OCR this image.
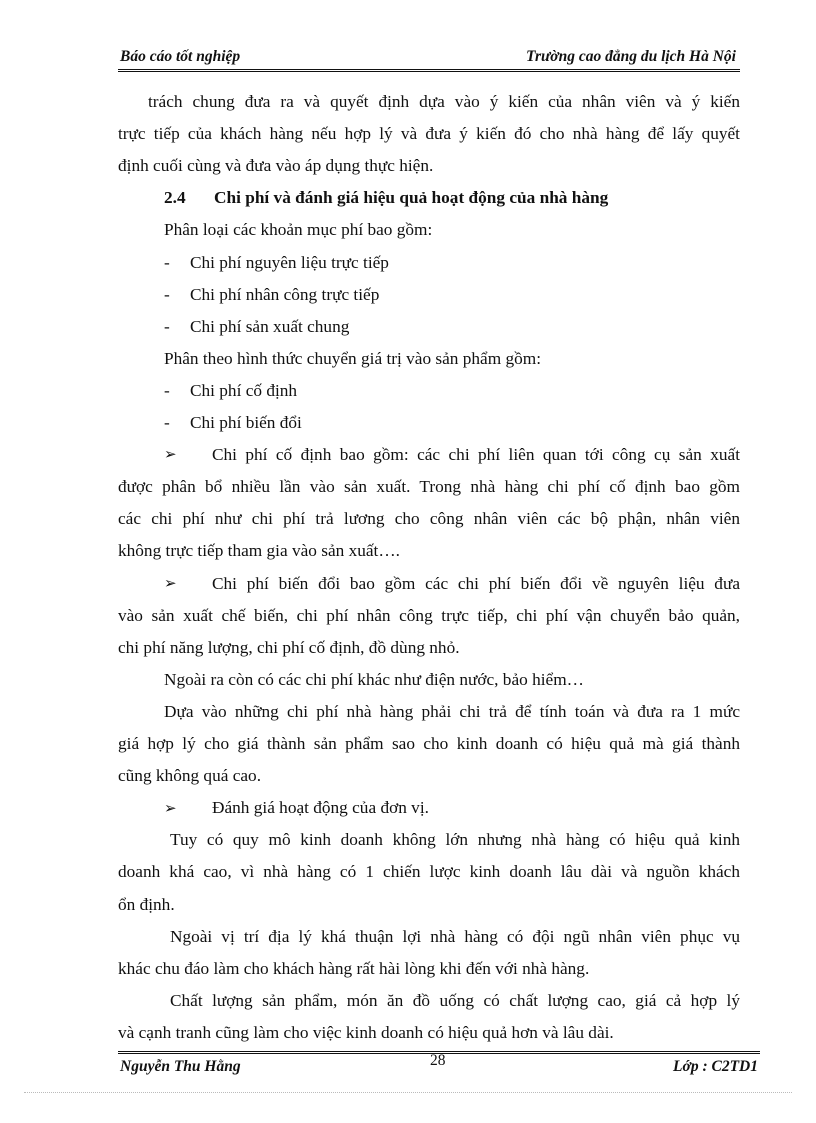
Báo cáo tốt nghiệp	Trường cao đẳng du lịch Hà Nội
trách chung đưa ra và quyết định dựa vào ý kiến của nhân viên và ý kiến
trực tiếp của khách hàng nếu hợp lý và đưa ý kiến đó cho nhà hàng để lấy quyết
định cuối cùng và đưa vào áp dụng thực hiện.
2.4 Chi phí và đánh giá hiệu quả hoạt động của nhà hàng
Phân loại các khoản mục phí bao gồm:
- Chi phí nguyên liệu trực tiếp
- Chi phí nhân công trực tiếp
- Chi phí sản xuất chung
Phân theo hình thức chuyển giá trị vào sản phẩm gồm:
- Chi phí cố định
- Chi phí biến đổi
➢	Chi phí cố định bao gồm: các chi phí liên quan tới công cụ sản xuất
được phân bổ nhiều lần vào sản xuất. Trong nhà hàng chi phí cố định bao gồm
các chi phí như chi phí trả lương cho công nhân viên các bộ phận, nhân viên
không trực tiếp tham gia vào sản xuất….
➢	Chi phí biến đổi bao gồm các chi phí biến đổi về nguyên liệu đưa
vào sản xuất chế biến, chi phí nhân công trực tiếp, chi phí vận chuyển bảo quản,
chi phí năng lượng, chi phí cố định, đồ dùng nhỏ.
Ngoài ra còn có các chi phí khác như điện nước, bảo hiểm…
Dựa vào những chi phí nhà hàng phải chi trả để tính toán và đưa ra 1 mức
giá hợp lý cho giá thành sản phẩm sao cho kinh doanh có hiệu quả mà giá thành
cũng không quá cao.
➢ Đánh giá hoạt động của đơn vị.
Tuy có quy mô kinh doanh không lớn nhưng nhà hàng có hiệu quả kinh
doanh khá cao, vì nhà hàng có 1 chiến lược kinh doanh lâu dài và nguồn khách
ổn định.
Ngoài vị trí địa lý khá thuận lợi nhà hàng có đội ngũ nhân viên phục vụ
khác chu đáo làm cho khách hàng rất hài lòng khi đến với nhà hàng.
Chất lượng sản phẩm, món ăn đồ uống có chất lượng cao, giá cả hợp lý
và cạnh tranh cũng làm cho việc kinh doanh có hiệu quả hơn và lâu dài.
Nguyễn Thu Hằng	28	Lớp : C2TD1
